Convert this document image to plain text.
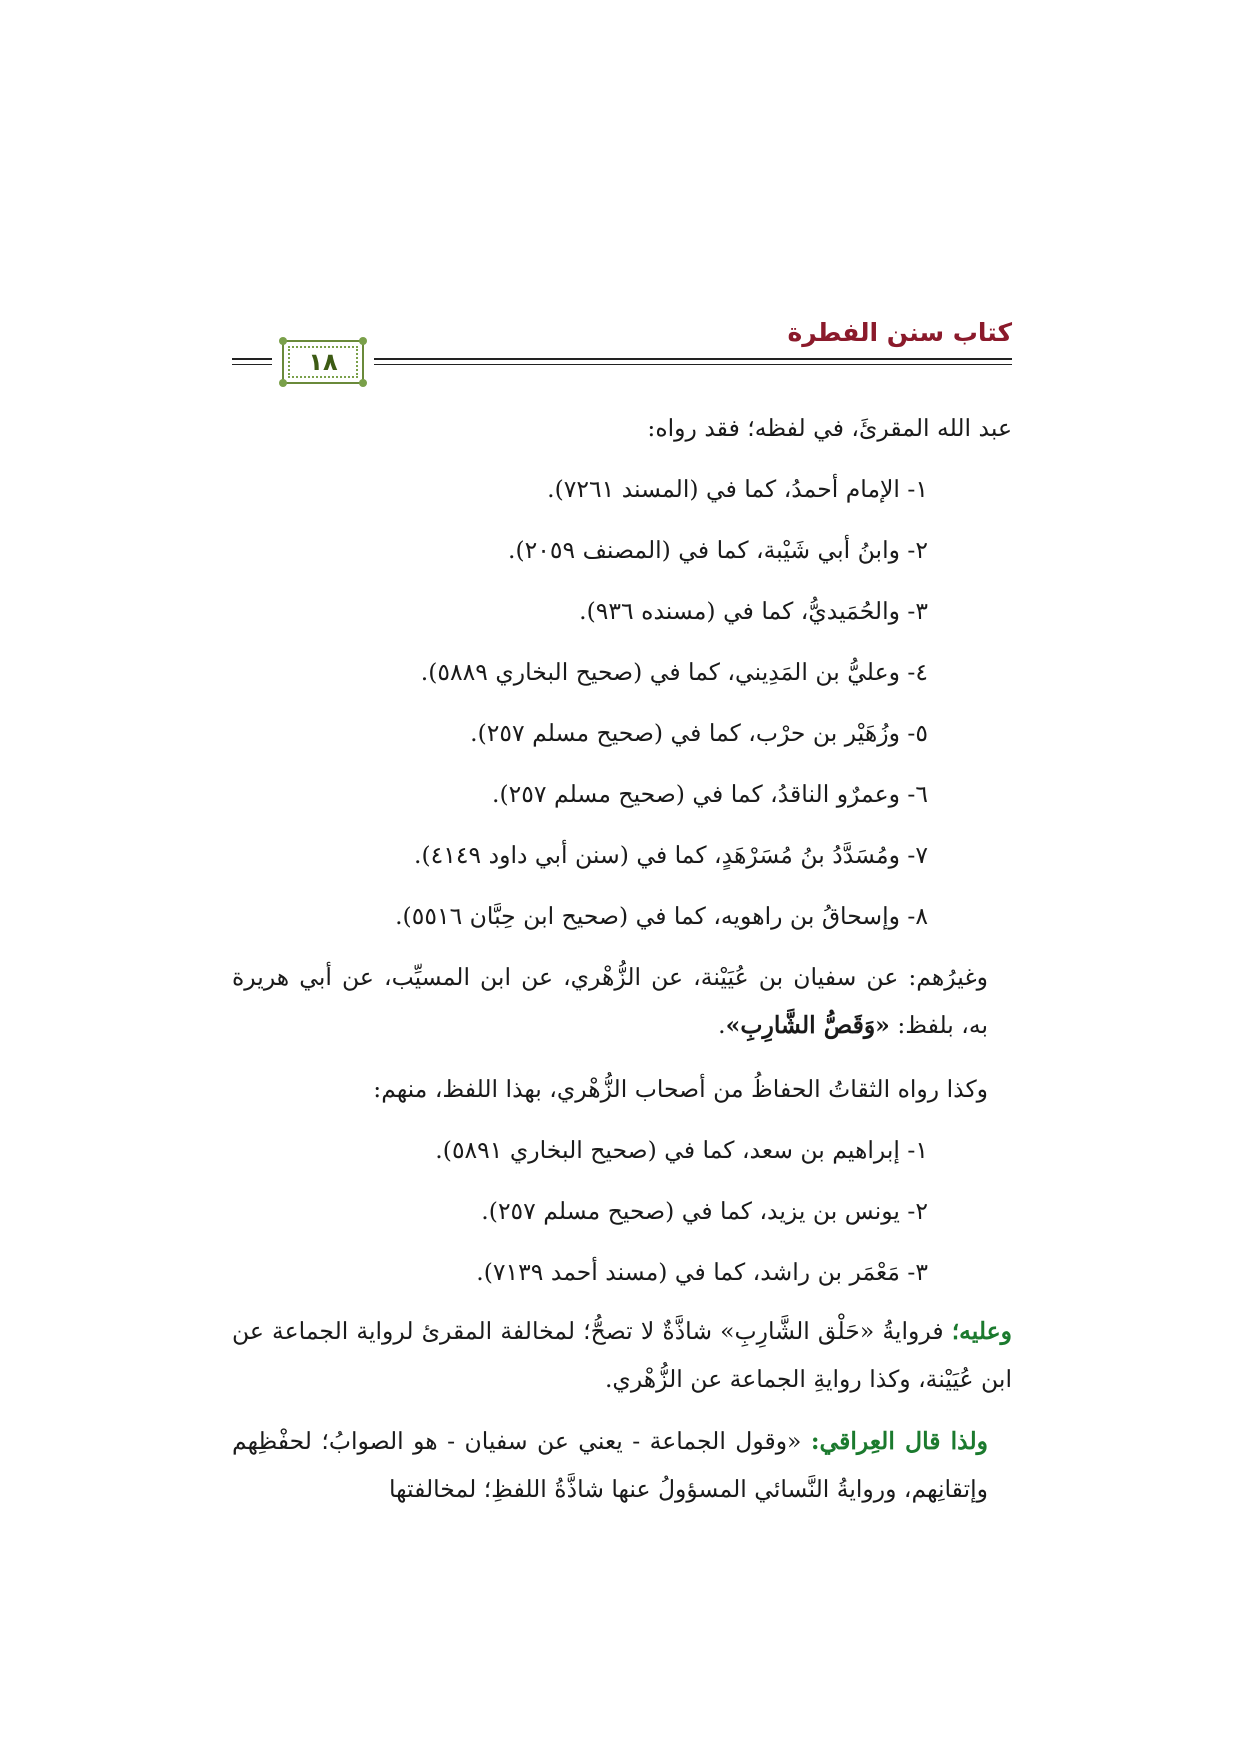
١٨
كتاب سنن الفطرة

عبد الله المقرئَ، في لفظه؛ فقد رواه:

١- الإمام أحمدُ، كما في (المسند ٧٢٦١).

٢- وابنُ أبي شَيْبة، كما في (المصنف ٢٠٥٩).

٣- والحُمَيديُّ، كما في (مسنده ٩٣٦).

٤- وعليُّ بن المَدِيني، كما في (صحيح البخاري ٥٨٨٩).

٥- وزُهَيْر بن حرْب، كما في (صحيح مسلم ٢٥٧).

٦- وعمرٌو الناقدُ، كما في (صحيح مسلم ٢٥٧).

٧- ومُسَدَّدُ بنُ مُسَرْهَدٍ، كما في (سنن أبي داود ٤١٤٩).

٨- وإسحاقُ بن راهويه، كما في (صحيح ابن حِبَّان ٥٥١٦).

وغيرُهم: عن سفيان بن عُيَيْنة، عن الزُّهْري، عن ابن المسيِّب، عن أبي هريرة به، بلفظ: «وَقَصُّ الشَّارِبِ».

وكذا رواه الثقاتُ الحفاظُ من أصحاب الزُّهْري، بهذا اللفظ، منهم:

١- إبراهيم بن سعد، كما في (صحيح البخاري ٥٨٩١).

٢- يونس بن يزيد، كما في (صحيح مسلم ٢٥٧).

٣- مَعْمَر بن راشد، كما في (مسند أحمد ٧١٣٩).

وعليه؛ فروايةُ «حَلْق الشَّارِبِ» شاذَّةٌ لا تصحُّ؛ لمخالفة المقرئ لرواية الجماعة عن ابن عُيَيْنة، وكذا روايةِ الجماعة عن الزُّهْري.

ولذا قال العِراقي: «وقول الجماعة - يعني عن سفيان - هو الصوابُ؛ لحفْظِهم وإتقانِهم، وروايةُ النَّسائي المسؤولُ عنها شاذَّةُ اللفظِ؛ لمخالفتها
